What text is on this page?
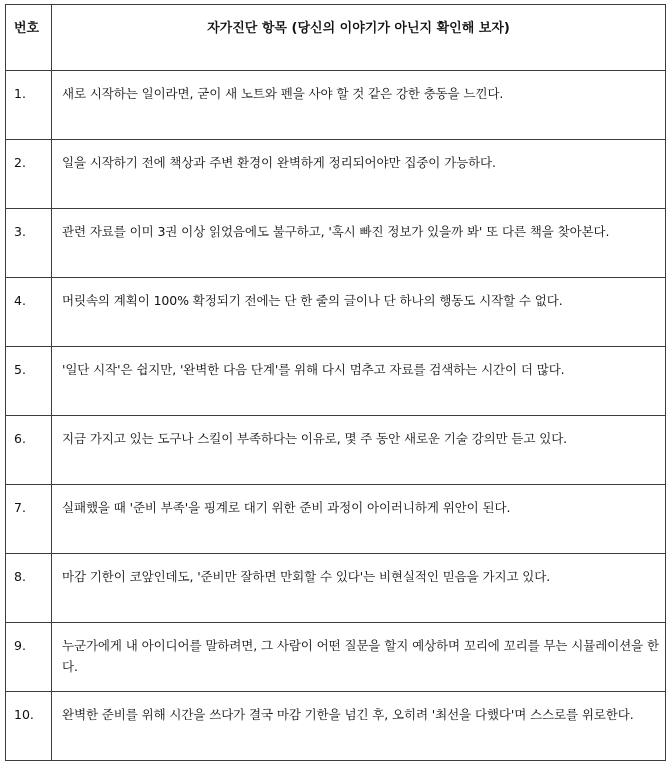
번호	자가진단 항목 (당신의 이야기가 아닌지 확인해 보자)
1.	새로 시작하는 일이라면, 굳이 새 노트와 펜을 사야 할 것 같은 강한 충동을 느낀다.
2.	일을 시작하기 전에 책상과 주변 환경이 완벽하게 정리되어야만 집중이 가능하다.
3.	관련 자료를 이미 3권 이상 읽었음에도 불구하고, '혹시 빠진 정보가 있을까 봐' 또 다른 책을 찾아본다.
4.	머릿속의 계획이 100% 확정되기 전에는 단 한 줄의 글이나 단 하나의 행동도 시작할 수 없다.
5.	'일단 시작'은 쉽지만, '완벽한 다음 단계'를 위해 다시 멈추고 자료를 검색하는 시간이 더 많다.
6.	지금 가지고 있는 도구나 스킬이 부족하다는 이유로, 몇 주 동안 새로운 기술 강의만 듣고 있다.
7.	실패했을 때 '준비 부족'을 핑계로 대기 위한 준비 과정이 아이러니하게 위안이 된다.
8.	마감 기한이 코앞인데도, '준비만 잘하면 만회할 수 있다'는 비현실적인 믿음을 가지고 있다.
9.	누군가에게 내 아이디어를 말하려면, 그 사람이 어떤 질문을 할지 예상하며 꼬리에 꼬리를 무는 시뮬레이션을 한다.
10.	완벽한 준비를 위해 시간을 쓰다가 결국 마감 기한을 넘긴 후, 오히려 '최선을 다했다'며 스스로를 위로한다.
